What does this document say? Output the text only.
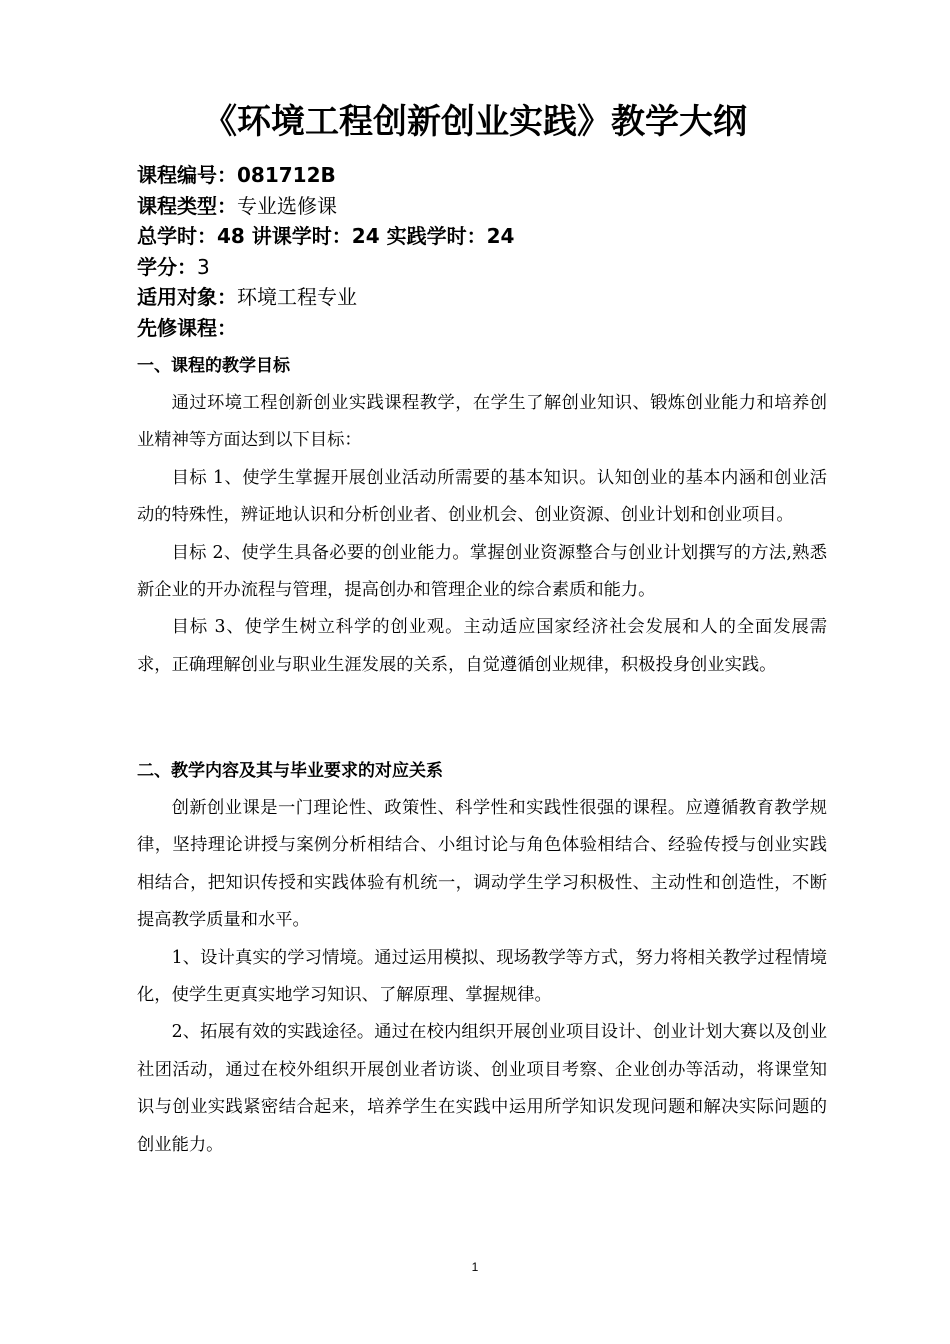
《环境工程创新创业实践》教学大纲
课程编号：081712B
课程类型：专业选修课
总学时：48 讲课学时：24 实践学时：24
学分：3
适用对象：环境工程专业
先修课程：
一、课程的教学目标

通过环境工程创新创业实践课程教学，在学生了解创业知识、锻炼创业能力和培养创业精神等方面达到以下目标：

目标 1、使学生掌握开展创业活动所需要的基本知识。认知创业的基本内涵和创业活动的特殊性，辨证地认识和分析创业者、创业机会、创业资源、创业计划和创业项目。

目标 2、使学生具备必要的创业能力。掌握创业资源整合与创业计划撰写的方法,熟悉新企业的开办流程与管理，提高创办和管理企业的综合素质和能力。

目标 3、使学生树立科学的创业观。主动适应国家经济社会发展和人的全面发展需求，正确理解创业与职业生涯发展的关系，自觉遵循创业规律，积极投身创业实践。

二、教学内容及其与毕业要求的对应关系

创新创业课是一门理论性、政策性、科学性和实践性很强的课程。应遵循教育教学规律，坚持理论讲授与案例分析相结合、小组讨论与角色体验相结合、经验传授与创业实践相结合，把知识传授和实践体验有机统一，调动学生学习积极性、主动性和创造性，不断提高教学质量和水平。

1、设计真实的学习情境。通过运用模拟、现场教学等方式，努力将相关教学过程情境化，使学生更真实地学习知识、了解原理、掌握规律。

2、拓展有效的实践途径。通过在校内组织开展创业项目设计、创业计划大赛以及创业社团活动，通过在校外组织开展创业者访谈、创业项目考察、企业创办等活动，将课堂知识与创业实践紧密结合起来，培养学生在实践中运用所学知识发现问题和解决实际问题的创业能力。

1
